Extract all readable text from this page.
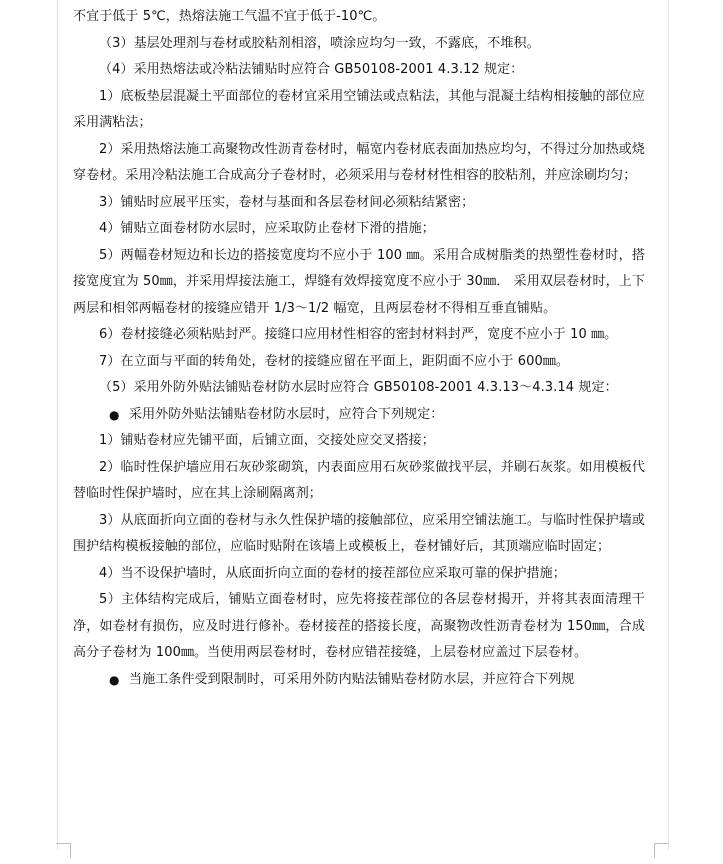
不宜于低于 5℃，热熔法施工气温不宜于低于-10℃。

（3）基层处理剂与卷材或胶粘剂相溶，喷涂应均匀一致，不露底，不堆积。

（4）采用热熔法或冷粘法铺贴时应符合 GB50108-2001 4.3.12 规定：

1）底板垫层混凝土平面部位的卷材宜采用空铺法或点粘法，其他与混凝土结构相接触的部位应采用满粘法；

2）采用热熔法施工高聚物改性沥青卷材时，幅宽内卷材底表面加热应均匀，不得过分加热或烧穿卷材。采用冷粘法施工合成高分子卷材时，必须采用与卷材材性相容的胶粘剂，并应涂刷均匀；

3）铺贴时应展平压实，卷材与基面和各层卷材间必须粘结紧密；

4）铺贴立面卷材防水层时，应采取防止卷材下滑的措施；

5）两幅卷材短边和长边的搭接宽度均不应小于 100 ㎜。采用合成树脂类的热塑性卷材时，搭接宽度宜为 50㎜，并采用焊接法施工，焊缝有效焊接宽度不应小于 30㎜． 采用双层卷材时，上下两层和相邻两幅卷材的接缝应错开 1/3～1/2 幅宽，且两层卷材不得相互垂直铺贴。

6）卷材接缝必须粘贴封严。接缝口应用材性相容的密封材料封严，宽度不应小于 10 ㎜。

7）在立面与平面的转角处，卷材的接缝应留在平面上，距阴面不应小于 600㎜。

（5）采用外防外贴法铺贴卷材防水层时应符合 GB50108-2001 4.3.13～4.3.14 规定：

● 采用外防外贴法铺贴卷材防水层时，应符合下列规定：

1）铺贴卷材应先铺平面，后铺立面，交接处应交叉搭接；

2）临时性保护墙应用石灰砂浆砌筑，内表面应用石灰砂浆做找平层，并刷石灰浆。如用模板代替临时性保护墙时，应在其上涂刷隔离剂；

3）从底面折向立面的卷材与永久性保护墙的接触部位，应采用空铺法施工。与临时性保护墙或围护结构模板接触的部位，应临时贴附在该墙上或模板上，卷材铺好后，其顶端应临时固定；

4）当不设保护墙时，从底面折向立面的卷材的接茬部位应采取可靠的保护措施；

5）主体结构完成后，铺贴立面卷材时，应先将接茬部位的各层卷材揭开，并将其表面清理干净，如卷材有损伤，应及时进行修补。卷材接茬的搭接长度，高聚物改性沥青卷材为 150㎜，合成高分子卷材为 100㎜。当使用两层卷材时，卷材应错茬接缝，上层卷材应盖过下层卷材。

● 当施工条件受到限制时，可采用外防内贴法铺贴卷材防水层，并应符合下列规
